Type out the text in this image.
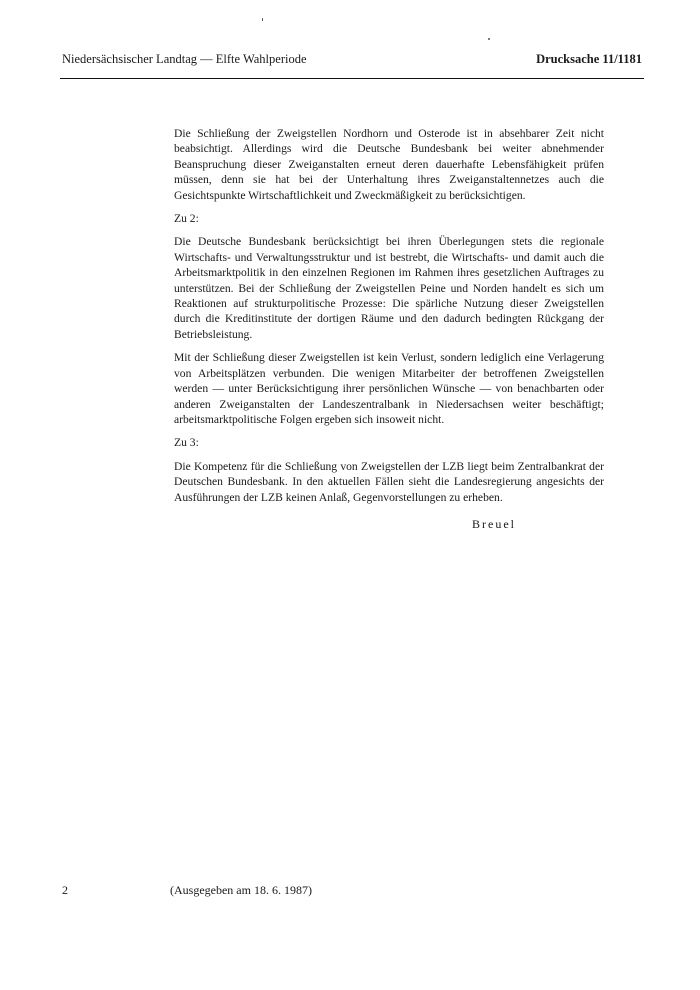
Niedersächsischer Landtag — Elfte Wahlperiode	Drucksache 11/1181

Die Schließung der Zweigstellen Nordhorn und Osterode ist in absehbarer Zeit nicht beabsichtigt. Allerdings wird die Deutsche Bundesbank bei weiter abnehmender Beanspruchung dieser Zweiganstalten erneut deren dauerhafte Lebensfähigkeit prüfen müssen, denn sie hat bei der Unterhaltung ihres Zweiganstaltennetzes auch die Gesichtspunkte Wirtschaftlichkeit und Zweckmäßigkeit zu berücksichtigen.

Zu 2:

Die Deutsche Bundesbank berücksichtigt bei ihren Überlegungen stets die regionale Wirtschafts- und Verwaltungsstruktur und ist bestrebt, die Wirtschafts- und damit auch die Arbeitsmarktpolitik in den einzelnen Regionen im Rahmen ihres gesetzlichen Auftrages zu unterstützen. Bei der Schließung der Zweigstellen Peine und Norden handelt es sich um Reaktionen auf strukturpolitische Prozesse: Die spärliche Nutzung dieser Zweigstellen durch die Kreditinstitute der dortigen Räume und den dadurch bedingten Rückgang der Betriebsleistung.

Mit der Schließung dieser Zweigstellen ist kein Verlust, sondern lediglich eine Verlagerung von Arbeitsplätzen verbunden. Die wenigen Mitarbeiter der betroffenen Zweigstellen werden — unter Berücksichtigung ihrer persönlichen Wünsche — von benachbarten oder anderen Zweiganstalten der Landeszentralbank in Niedersachsen weiter beschäftigt; arbeitsmarktpolitische Folgen ergeben sich insoweit nicht.

Zu 3:

Die Kompetenz für die Schließung von Zweigstellen der LZB liegt beim Zentralbankrat der Deutschen Bundesbank. In den aktuellen Fällen sieht die Landesregierung angesichts der Ausführungen der LZB keinen Anlaß, Gegenvorstellungen zu erheben.

Breuel
2	(Ausgegeben am 18. 6. 1987)
